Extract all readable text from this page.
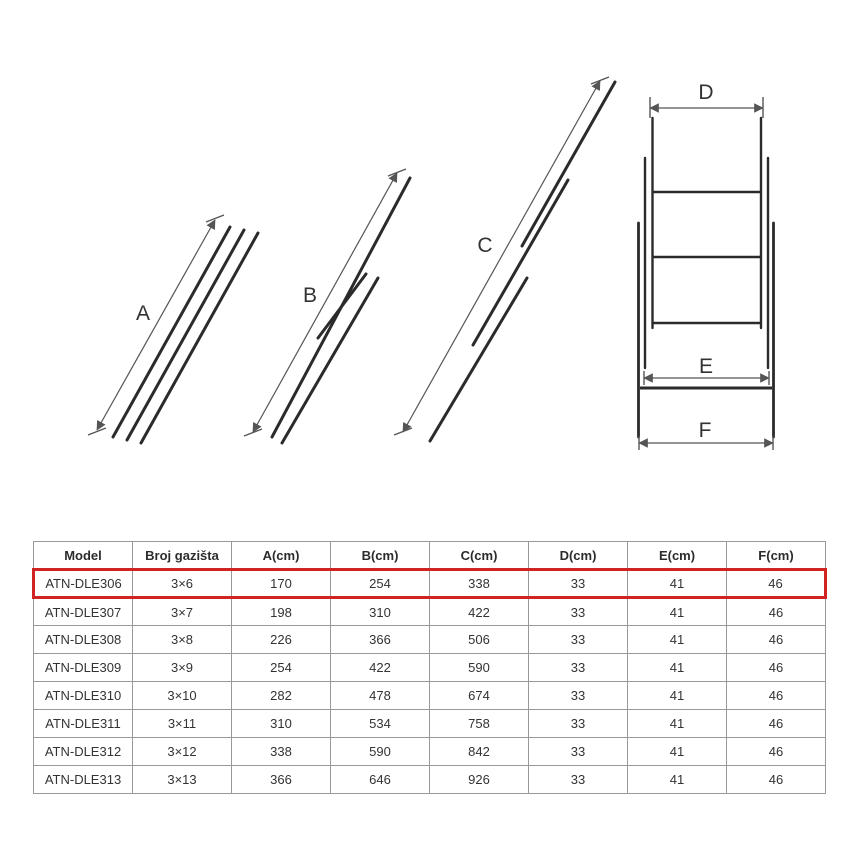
A
B
C
D
E
F
Model	Broj gazišta	A(cm)	B(cm)	C(cm)	D(cm)	E(cm)	F(cm)
ATN-DLE306	3×6	170	254	338	33	41	46
ATN-DLE307	3×7	198	310	422	33	41	46
ATN-DLE308	3×8	226	366	506	33	41	46
ATN-DLE309	3×9	254	422	590	33	41	46
ATN-DLE310	3×10	282	478	674	33	41	46
ATN-DLE311	3×11	310	534	758	33	41	46
ATN-DLE312	3×12	338	590	842	33	41	46
ATN-DLE313	3×13	366	646	926	33	41	46
